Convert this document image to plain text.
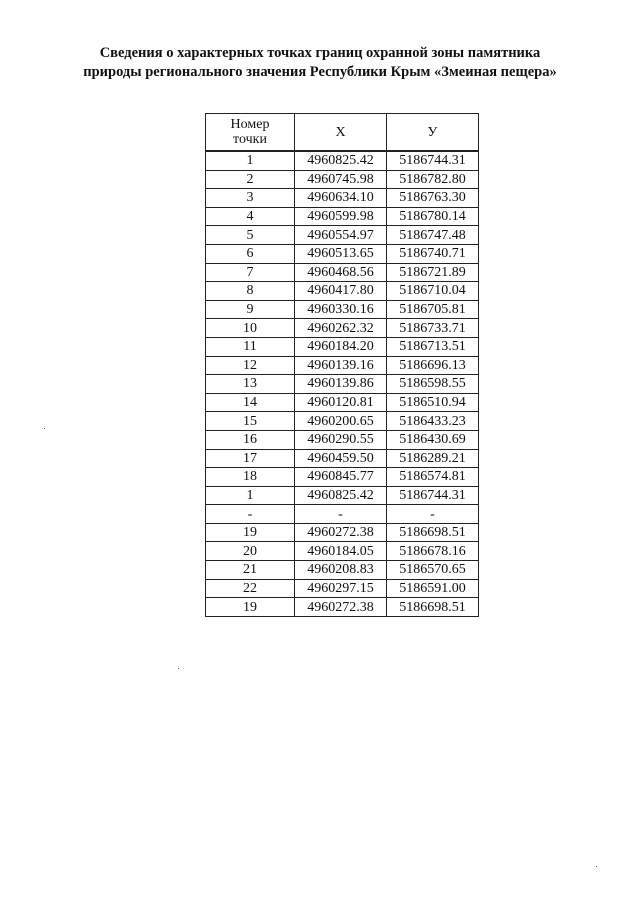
Сведения о характерных точках границ охранной зоны памятника
природы регионального значения Республики Крым «Змеиная пещера»
Номер
точки	Х	У
1	4960825.42	5186744.31
2	4960745.98	5186782.80
3	4960634.10	5186763.30
4	4960599.98	5186780.14
5	4960554.97	5186747.48
6	4960513.65	5186740.71
7	4960468.56	5186721.89
8	4960417.80	5186710.04
9	4960330.16	5186705.81
10	4960262.32	5186733.71
11	4960184.20	5186713.51
12	4960139.16	5186696.13
13	4960139.86	5186598.55
14	4960120.81	5186510.94
15	4960200.65	5186433.23
16	4960290.55	5186430.69
17	4960459.50	5186289.21
18	4960845.77	5186574.81
1	4960825.42	5186744.31
-	-	-
19	4960272.38	5186698.51
20	4960184.05	5186678.16
21	4960208.83	5186570.65
22	4960297.15	5186591.00
19	4960272.38	5186698.51
